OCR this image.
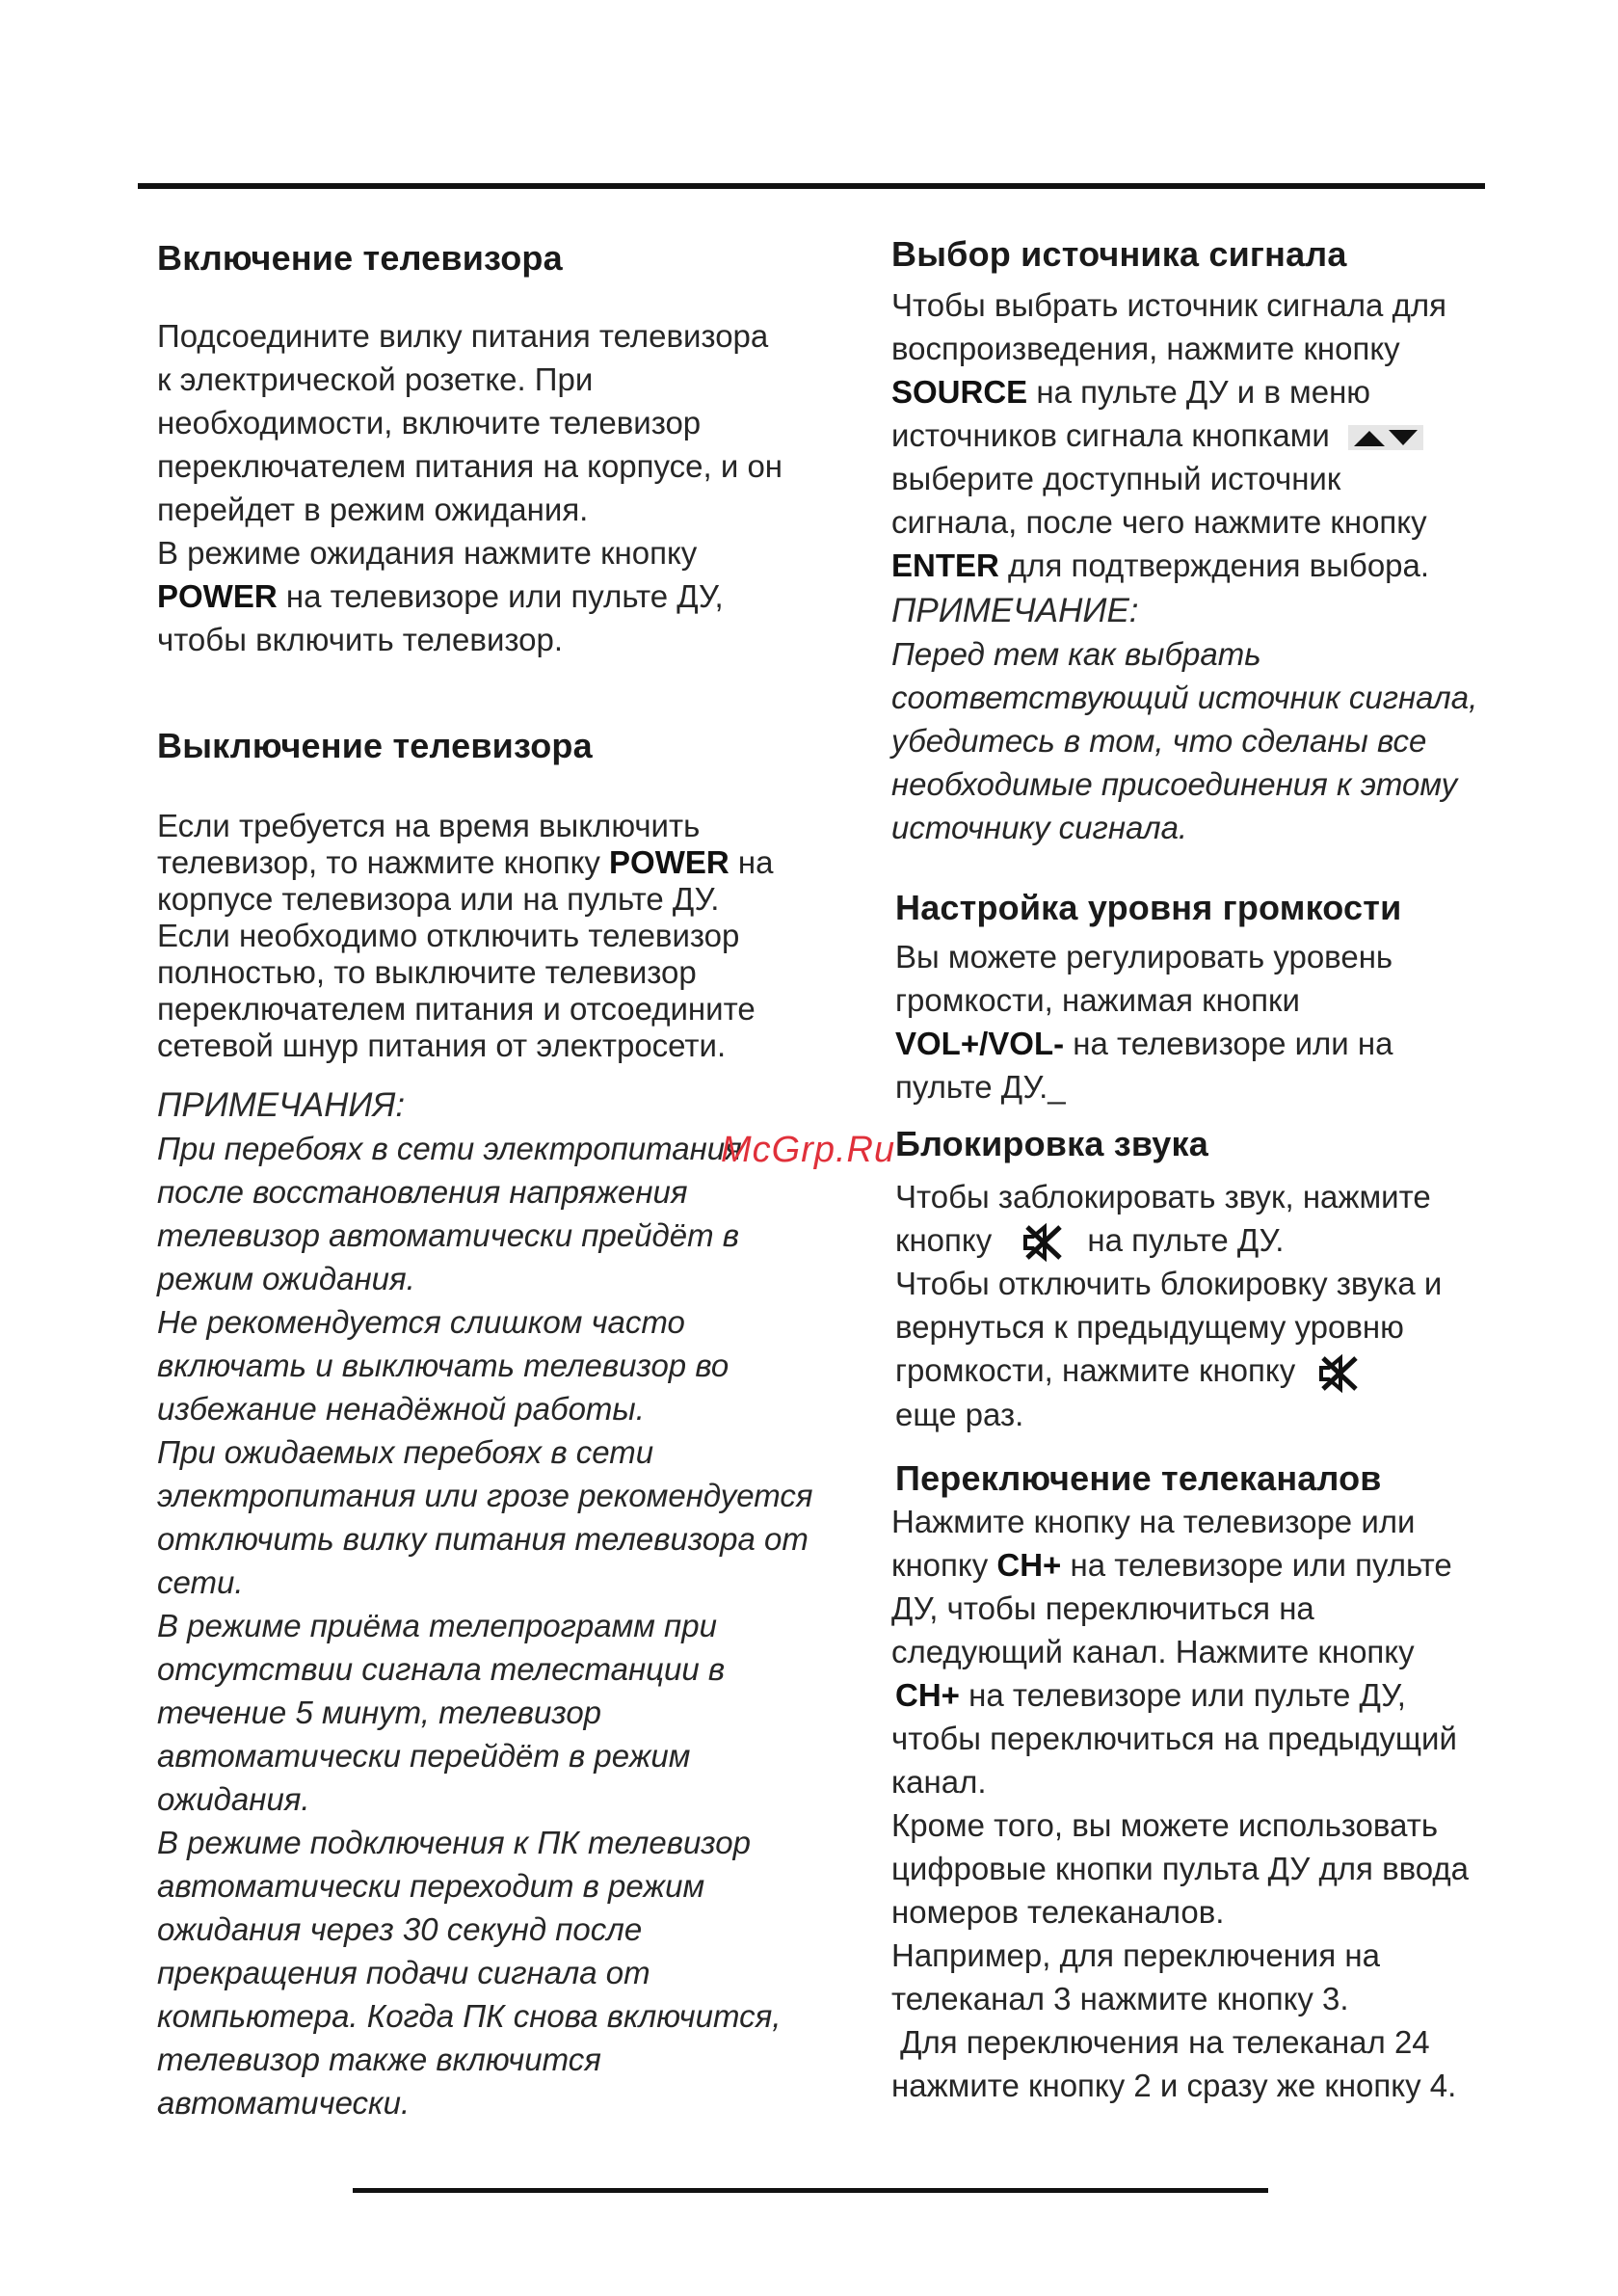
Включение телевизора
Подсоедините вилку питания телевизора
к электрической розетке. При
необходимости, включите телевизор
переключателем питания на корпусе, и он
перейдет в режим ожидания.
В режиме ожидания нажмите кнопку
POWER на телевизоре или пульте ДУ,
чтобы включить телевизор.
Выключение телевизора
Если требуется на время выключить
телевизор, то нажмите кнопку POWER на
корпусе телевизора или на пульте ДУ.
Если необходимо отключить телевизор
полностью, то выключите телевизор
переключателем питания и отсоедините
сетевой шнур питания от электросети.
ПРИМЕЧАНИЯ:
При перебоях в сети электропитания
после восстановления напряжения
телевизор автоматически прейдёт в
режим ожидания.
Не рекомендуется слишком часто
включать и выключать телевизор во
избежание ненадёжной работы.
При ожидаемых перебоях в сети
электропитания или грозе рекомендуется
отключить вилку питания телевизора от
сети.
В режиме приёма телепрограмм при
отсутствии сигнала телестанции в
течение 5 минут, телевизор
автоматически перейдёт в режим
ожидания.
В режиме подключения к ПК телевизор
автоматически переходит в режим
ожидания через 30 секунд после
прекращения подачи сигнала от
компьютера. Когда ПК снова включится,
телевизор также включится
автоматически.
McGrp.Ru
Выбор источника сигнала
Чтобы выбрать источник сигнала для
воспроизведения, нажмите кнопку
SOURCE на пульте ДУ и в меню
источников сигнала кнопками
выберите доступный источник
сигнала, после чего нажмите кнопку
ENTER для подтверждения выбора.
ПРИМЕЧАНИЕ:
Перед тем как выбрать
соответствующий источник сигнала,
убедитесь в том, что сделаны все
необходимые присоединения к этому
источнику сигнала.
Настройка уровня громкости
Вы можете регулировать уровень
громкости, нажимая кнопки
VOL+/VOL- на телевизоре или на
пульте ДУ._
Блокировка звука
Чтобы заблокировать звук, нажмите
кнопку	на пульте ДУ.
Чтобы отключить блокировку звука и
вернуться к предыдущему уровню
громкости, нажмите кнопку
еще раз.
Переключение телеканалов
Нажмите кнопку на телевизоре или
кнопку CH+ на телевизоре или пульте
ДУ, чтобы переключиться на
следующий канал. Нажмите кнопку
CH+ на телевизоре или пульте ДУ,
чтобы переключиться на предыдущий
канал.
Кроме того, вы можете использовать
цифровые кнопки пульта ДУ для ввода
номеров телеканалов.
Например, для переключения на
телеканал 3 нажмите кнопку 3.
Для переключения на телеканал 24
нажмите кнопку 2 и сразу же кнопку 4.
